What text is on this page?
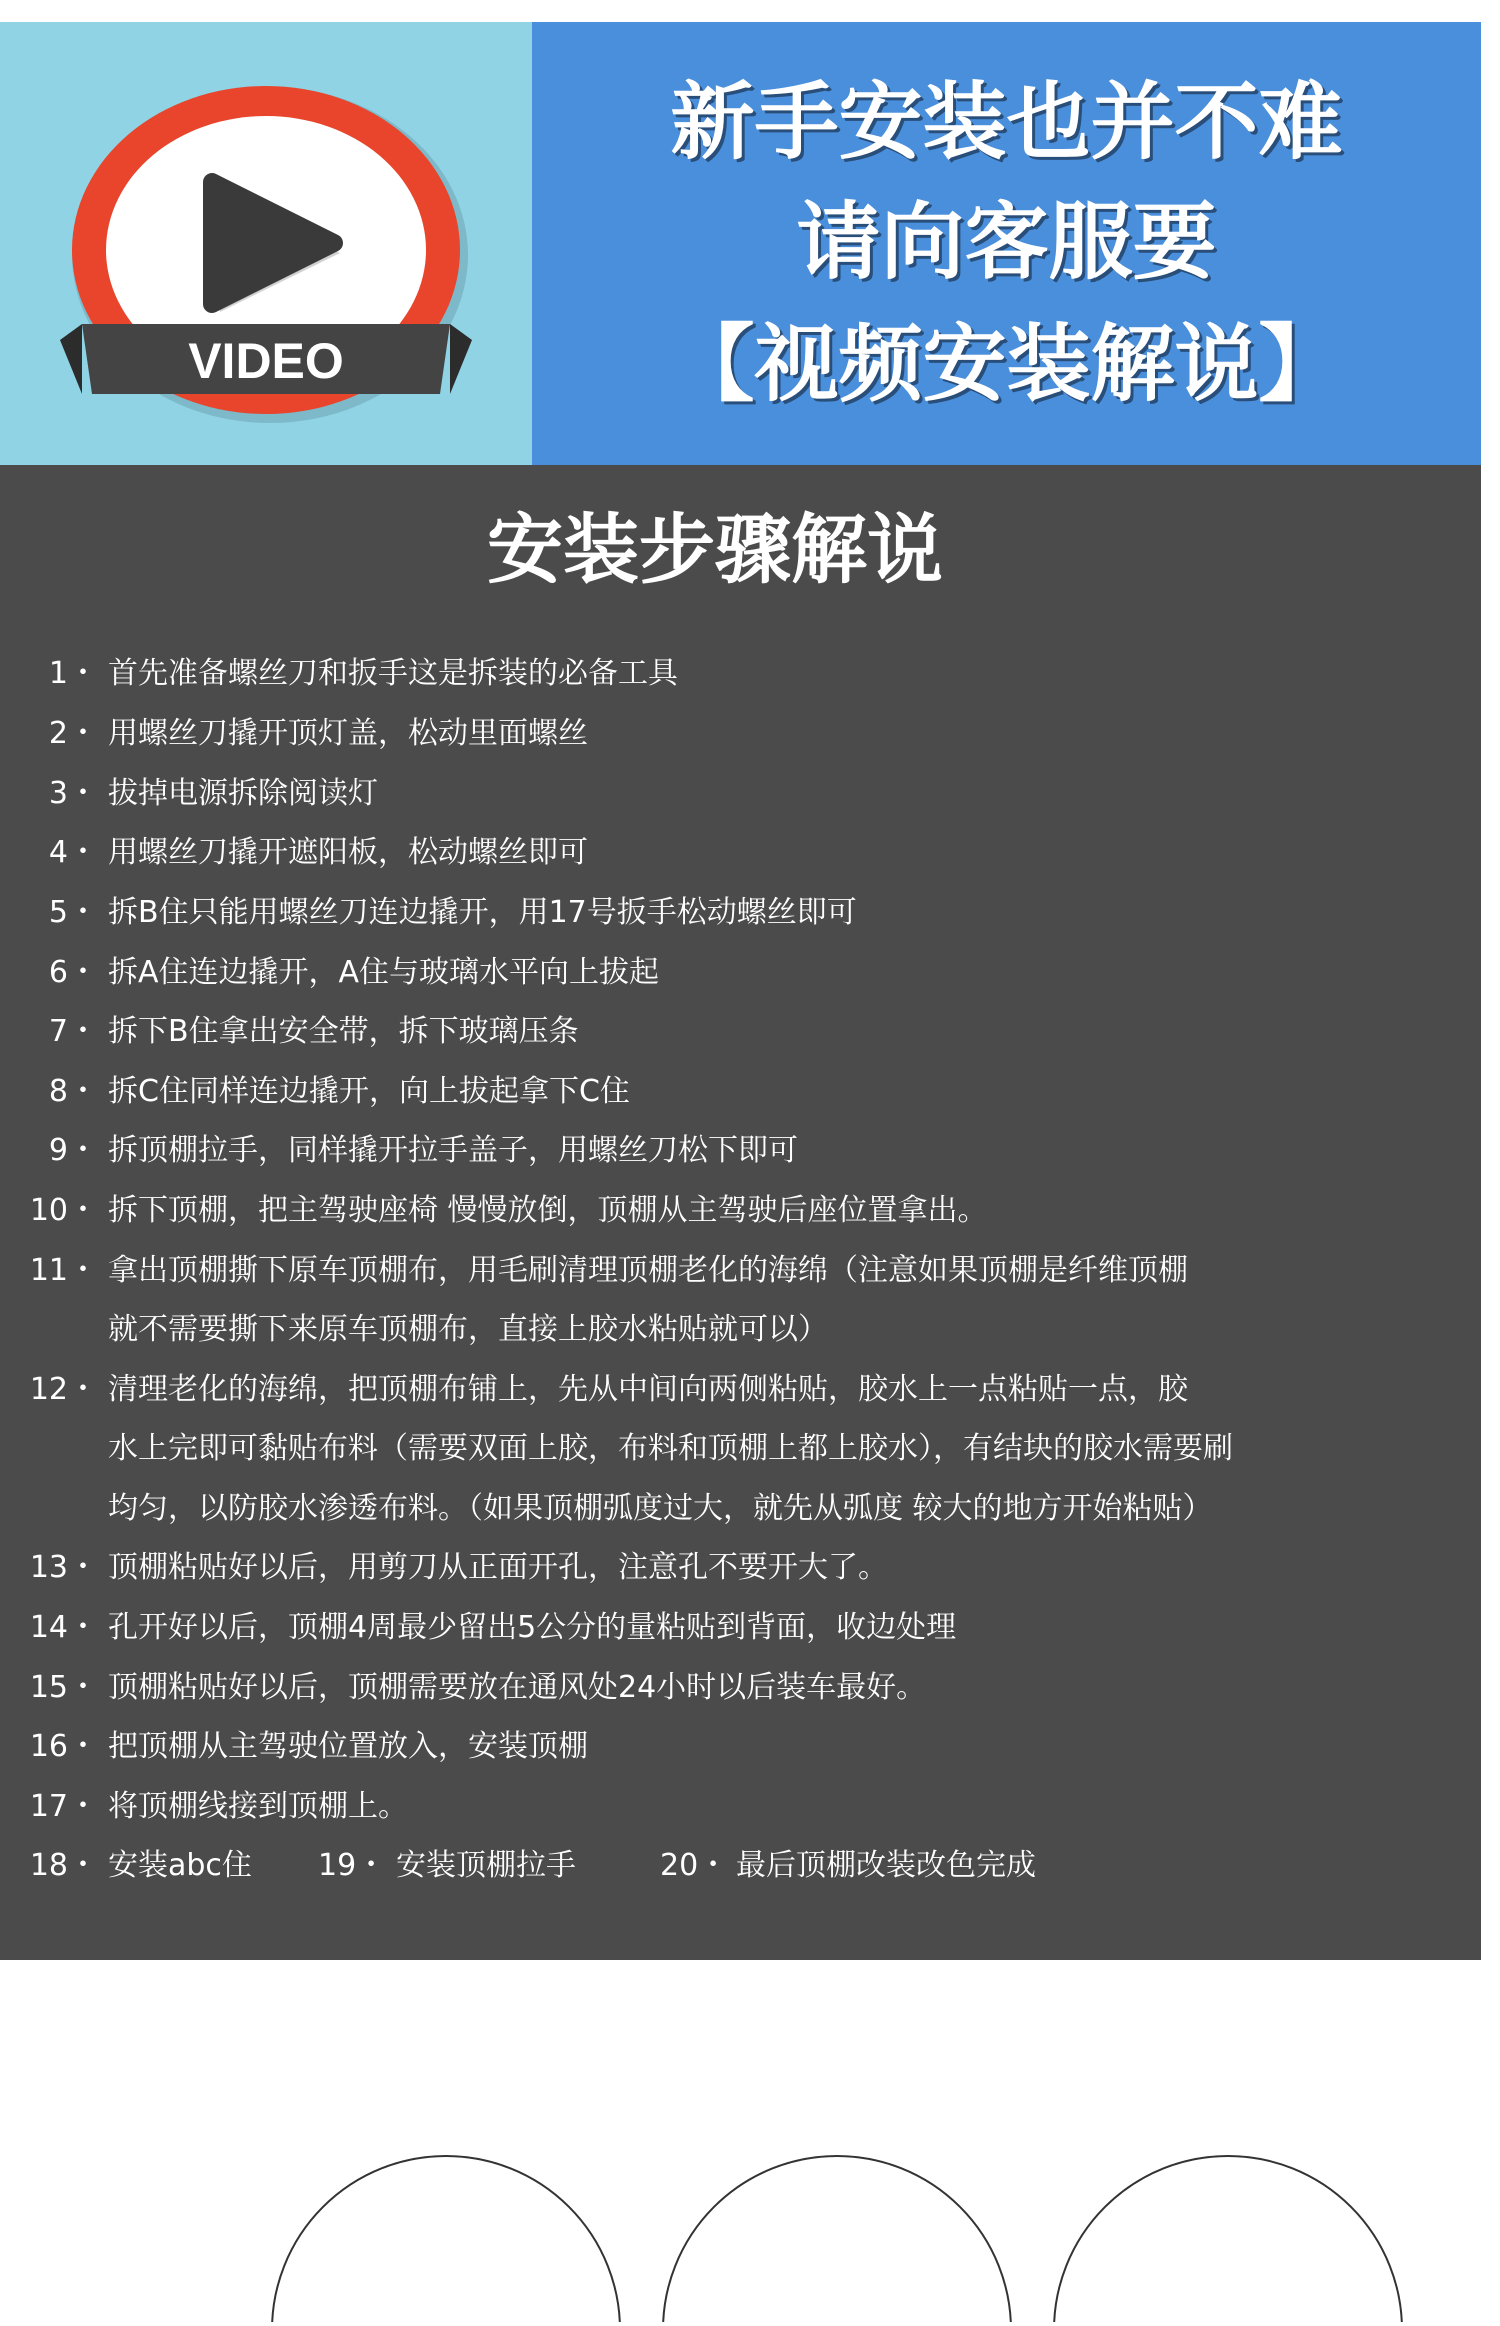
VIDEO
新手安装也并不难
请向客服要
【视频安装解说】
安装步骤解说
1・ 首先准备螺丝刀和扳手这是拆装的必备工具
2・ 用螺丝刀撬开顶灯盖，松动里面螺丝
3・ 拔掉电源拆除阅读灯
4・ 用螺丝刀撬开遮阳板，松动螺丝即可
5・ 拆B住只能用螺丝刀连边撬开，用17号扳手松动螺丝即可
6・ 拆A住连边撬开，A住与玻璃水平向上拔起
7・ 拆下B住拿出安全带，拆下玻璃压条
8・ 拆C住同样连边撬开，向上拔起拿下C住
9・ 拆顶棚拉手，同样撬开拉手盖子，用螺丝刀松下即可
10・ 拆下顶棚，把主驾驶座椅 慢慢放倒，顶棚从主驾驶后座位置拿出。
11・ 拿出顶棚撕下原车顶棚布，用毛刷清理顶棚老化的海绵（注意如果顶棚是纤维顶棚
就不需要撕下来原车顶棚布，直接上胶水粘贴就可以）
12・ 清理老化的海绵，把顶棚布铺上，先从中间向两侧粘贴，胶水上一点粘贴一点，胶
水上完即可黏贴布料（需要双面上胶，布料和顶棚上都上胶水），有结块的胶水需要刷
均匀，以防胶水渗透布料。（如果顶棚弧度过大，就先从弧度 较大的地方开始粘贴）
13・ 顶棚粘贴好以后，用剪刀从正面开孔，注意孔不要开大了。
14・ 孔开好以后，顶棚4周最少留出5公分的量粘贴到背面，收边处理
15・ 顶棚粘贴好以后，顶棚需要放在通风处24小时以后装车最好。
16・ 把顶棚从主驾驶位置放入，安装顶棚
17・ 将顶棚线接到顶棚上。
18・ 安装abc住 19・ 安装顶棚拉手	20・ 最后顶棚改装改色完成
